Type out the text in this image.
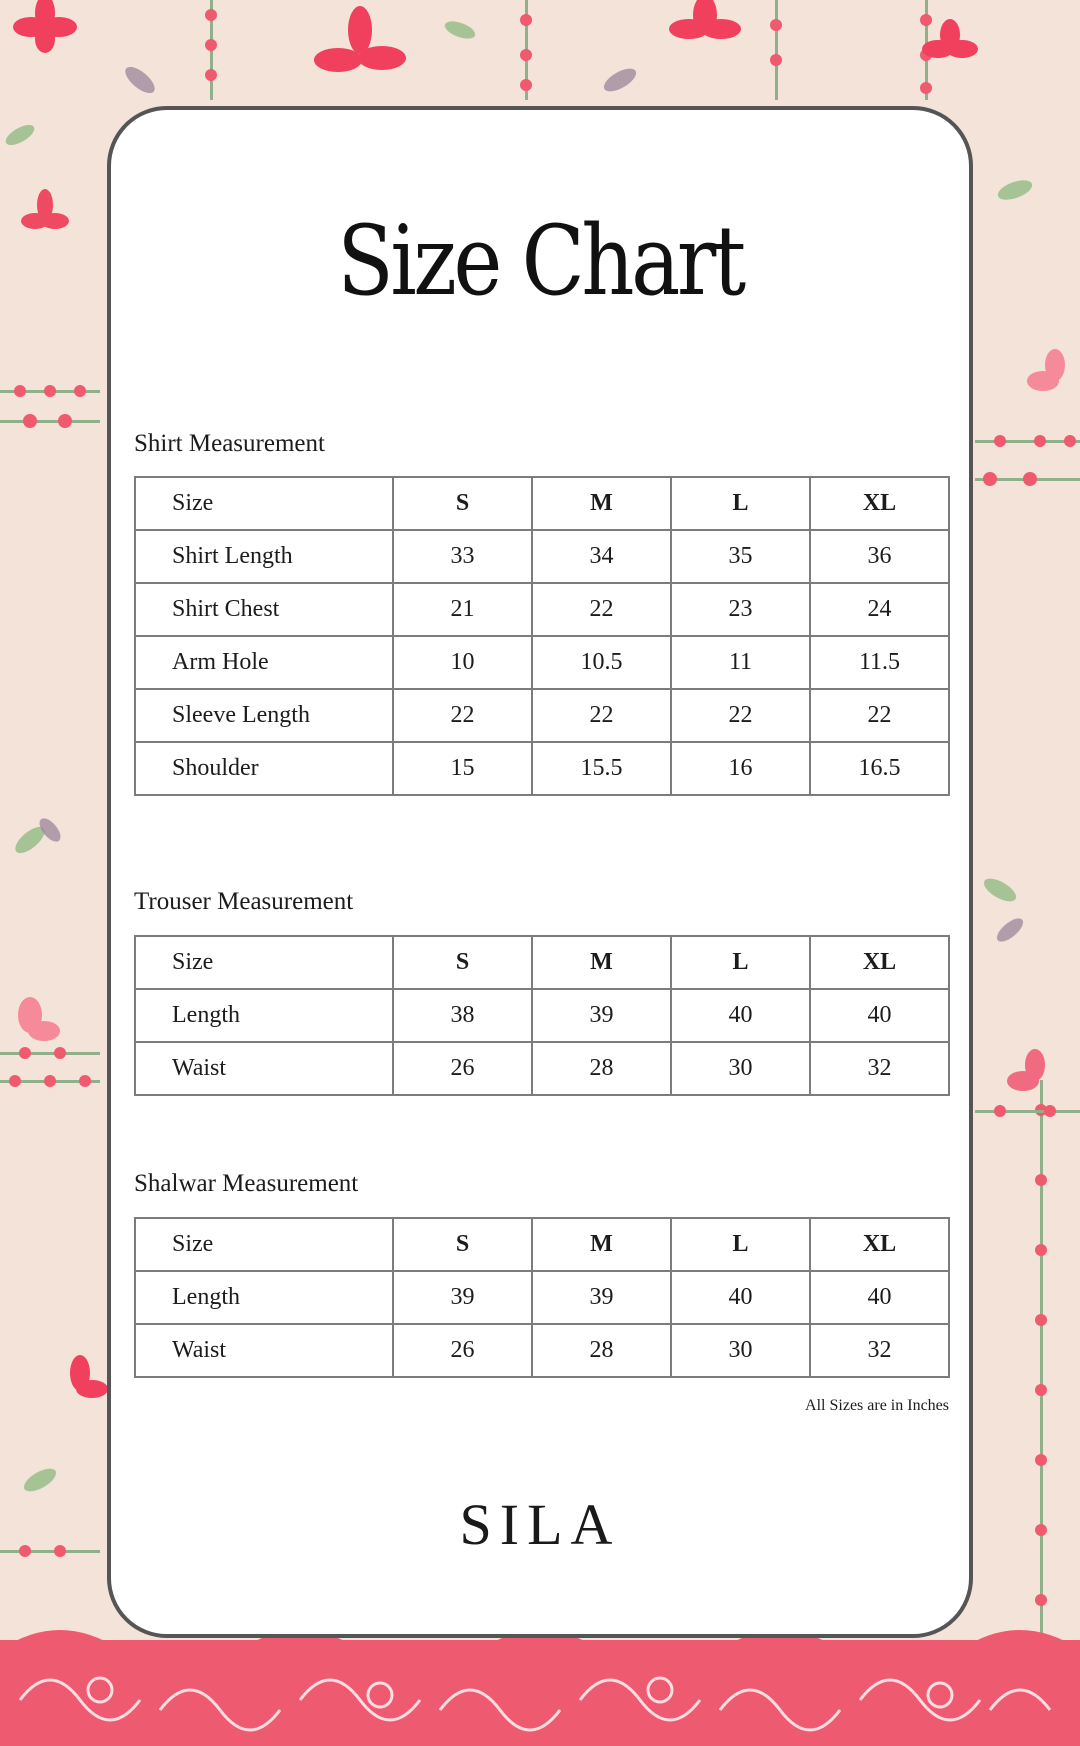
Size Chart

Shirt Measurement

Size	S	M	L	XL
Shirt Length	33	34	35	36
Shirt Chest	21	22	23	24
Arm Hole	10	10.5	11	11.5
Sleeve Length	22	22	22	22
Shoulder	15	15.5	16	16.5

Trouser Measurement

Size	S	M	L	XL
Length	38	39	40	40
Waist	26	28	30	32

Shalwar Measurement

Size	S	M	L	XL
Length	39	39	40	40
Waist	26	28	30	32

All Sizes are in Inches

SILA
